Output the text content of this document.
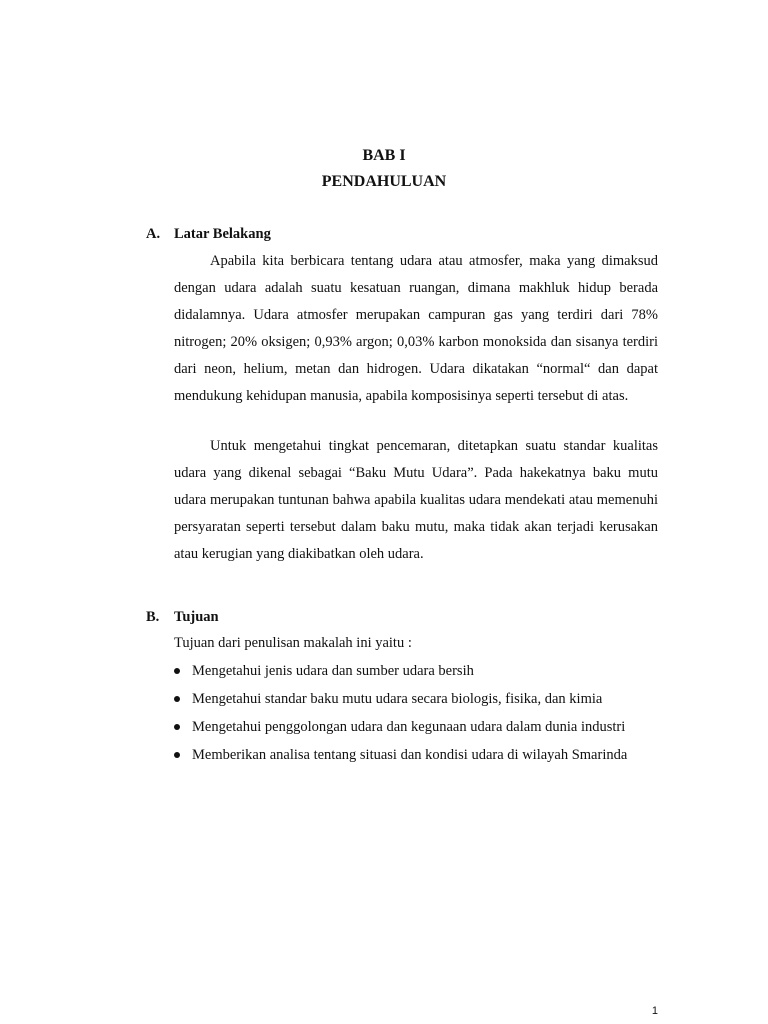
BAB I
PENDAHULUAN
A. Latar Belakang

Apabila kita berbicara tentang udara atau atmosfer, maka yang dimaksud dengan udara adalah suatu kesatuan ruangan, dimana makhluk hidup berada didalamnya. Udara atmosfer merupakan campuran gas yang terdiri dari 78% nitrogen; 20% oksigen; 0,93% argon; 0,03% karbon monoksida dan sisanya terdiri dari neon, helium, metan dan hidrogen. Udara dikatakan “normal“ dan dapat mendukung kehidupan manusia, apabila komposisinya seperti tersebut di atas.

Untuk mengetahui tingkat pencemaran, ditetapkan suatu standar kualitas udara yang dikenal sebagai “Baku Mutu Udara”. Pada hakekatnya baku mutu udara merupakan tuntunan bahwa apabila kualitas udara mendekati atau memenuhi persyaratan seperti tersebut dalam baku mutu, maka tidak akan terjadi kerusakan atau kerugian yang diakibatkan oleh udara.

B. Tujuan

Tujuan dari penulisan makalah ini yaitu :

Mengetahui jenis udara dan sumber udara bersih
Mengetahui standar baku mutu udara secara biologis, fisika, dan kimia
Mengetahui penggolongan udara dan kegunaan udara dalam dunia industri
Memberikan analisa tentang situasi dan kondisi udara di wilayah Smarinda
1
